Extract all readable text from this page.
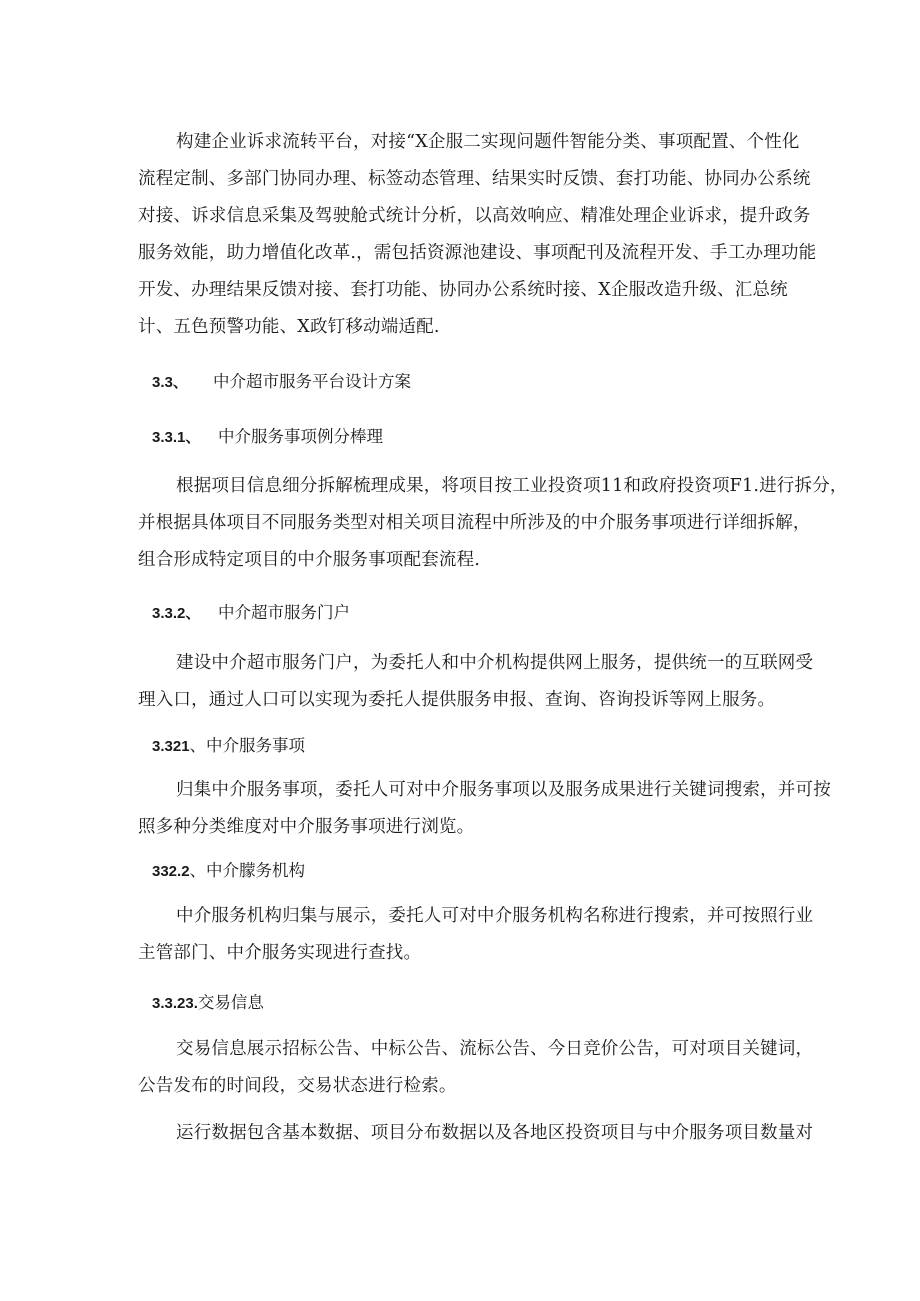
构建企业诉求流转平台，对接“X企服二实现问题件智能分类、事项配置、个性化
流程定制、多部门协同办理、标签动态管理、结果实时反馈、套打功能、协同办公系统
对接、诉求信息采集及驾驶舱式统计分析，以高效响应、精准处理企业诉求，提升政务
服务效能，助力增值化改革.，需包括资源池建设、事项配刊及流程开发、手工办理功能
开发、办理结果反馈对接、套打功能、协同办公系统时接、X企服改造升级、汇总统
计、五色预警功能、X政钉移动端适配.
3.3、 中介超市服务平台设计方案
3.3.1、 中介服务事项例分棒理
根据项目信息细分拆解梳理成果，将项目按工业投资项11和政府投资项F1.进行拆分，
并根据具体项目不同服务类型对相关项目流程中所涉及的中介服务事项进行详细拆解，
组合形成特定项目的中介服务事项配套流程.
3.3.2、 中介超市服务门户
建设中介超市服务门户，为委托人和中介机构提供网上服务，提供统一的互联网受
理入口，通过人口可以实现为委托人提供服务申报、查询、咨询投诉等网上服务。
3.321、中介服务事项
归集中介服务事项，委托人可对中介服务事项以及服务成果进行关键词搜索，并可按
照多种分类维度对中介服务事项进行浏览。
332.2、中介朦务机构
中介服务机构归集与展示，委托人可对中介服务机构名称进行搜索，并可按照行业
主管部门、中介服务实现进行查找。
3.3.23.交易信息
交易信息展示招标公告、中标公告、流标公告、今日竞价公告，可对项目关键词，
公告发布的时间段，交易状态进行检索。
运行数据包含基本数据、项目分布数据以及各地区投资项目与中介服务项目数量对
